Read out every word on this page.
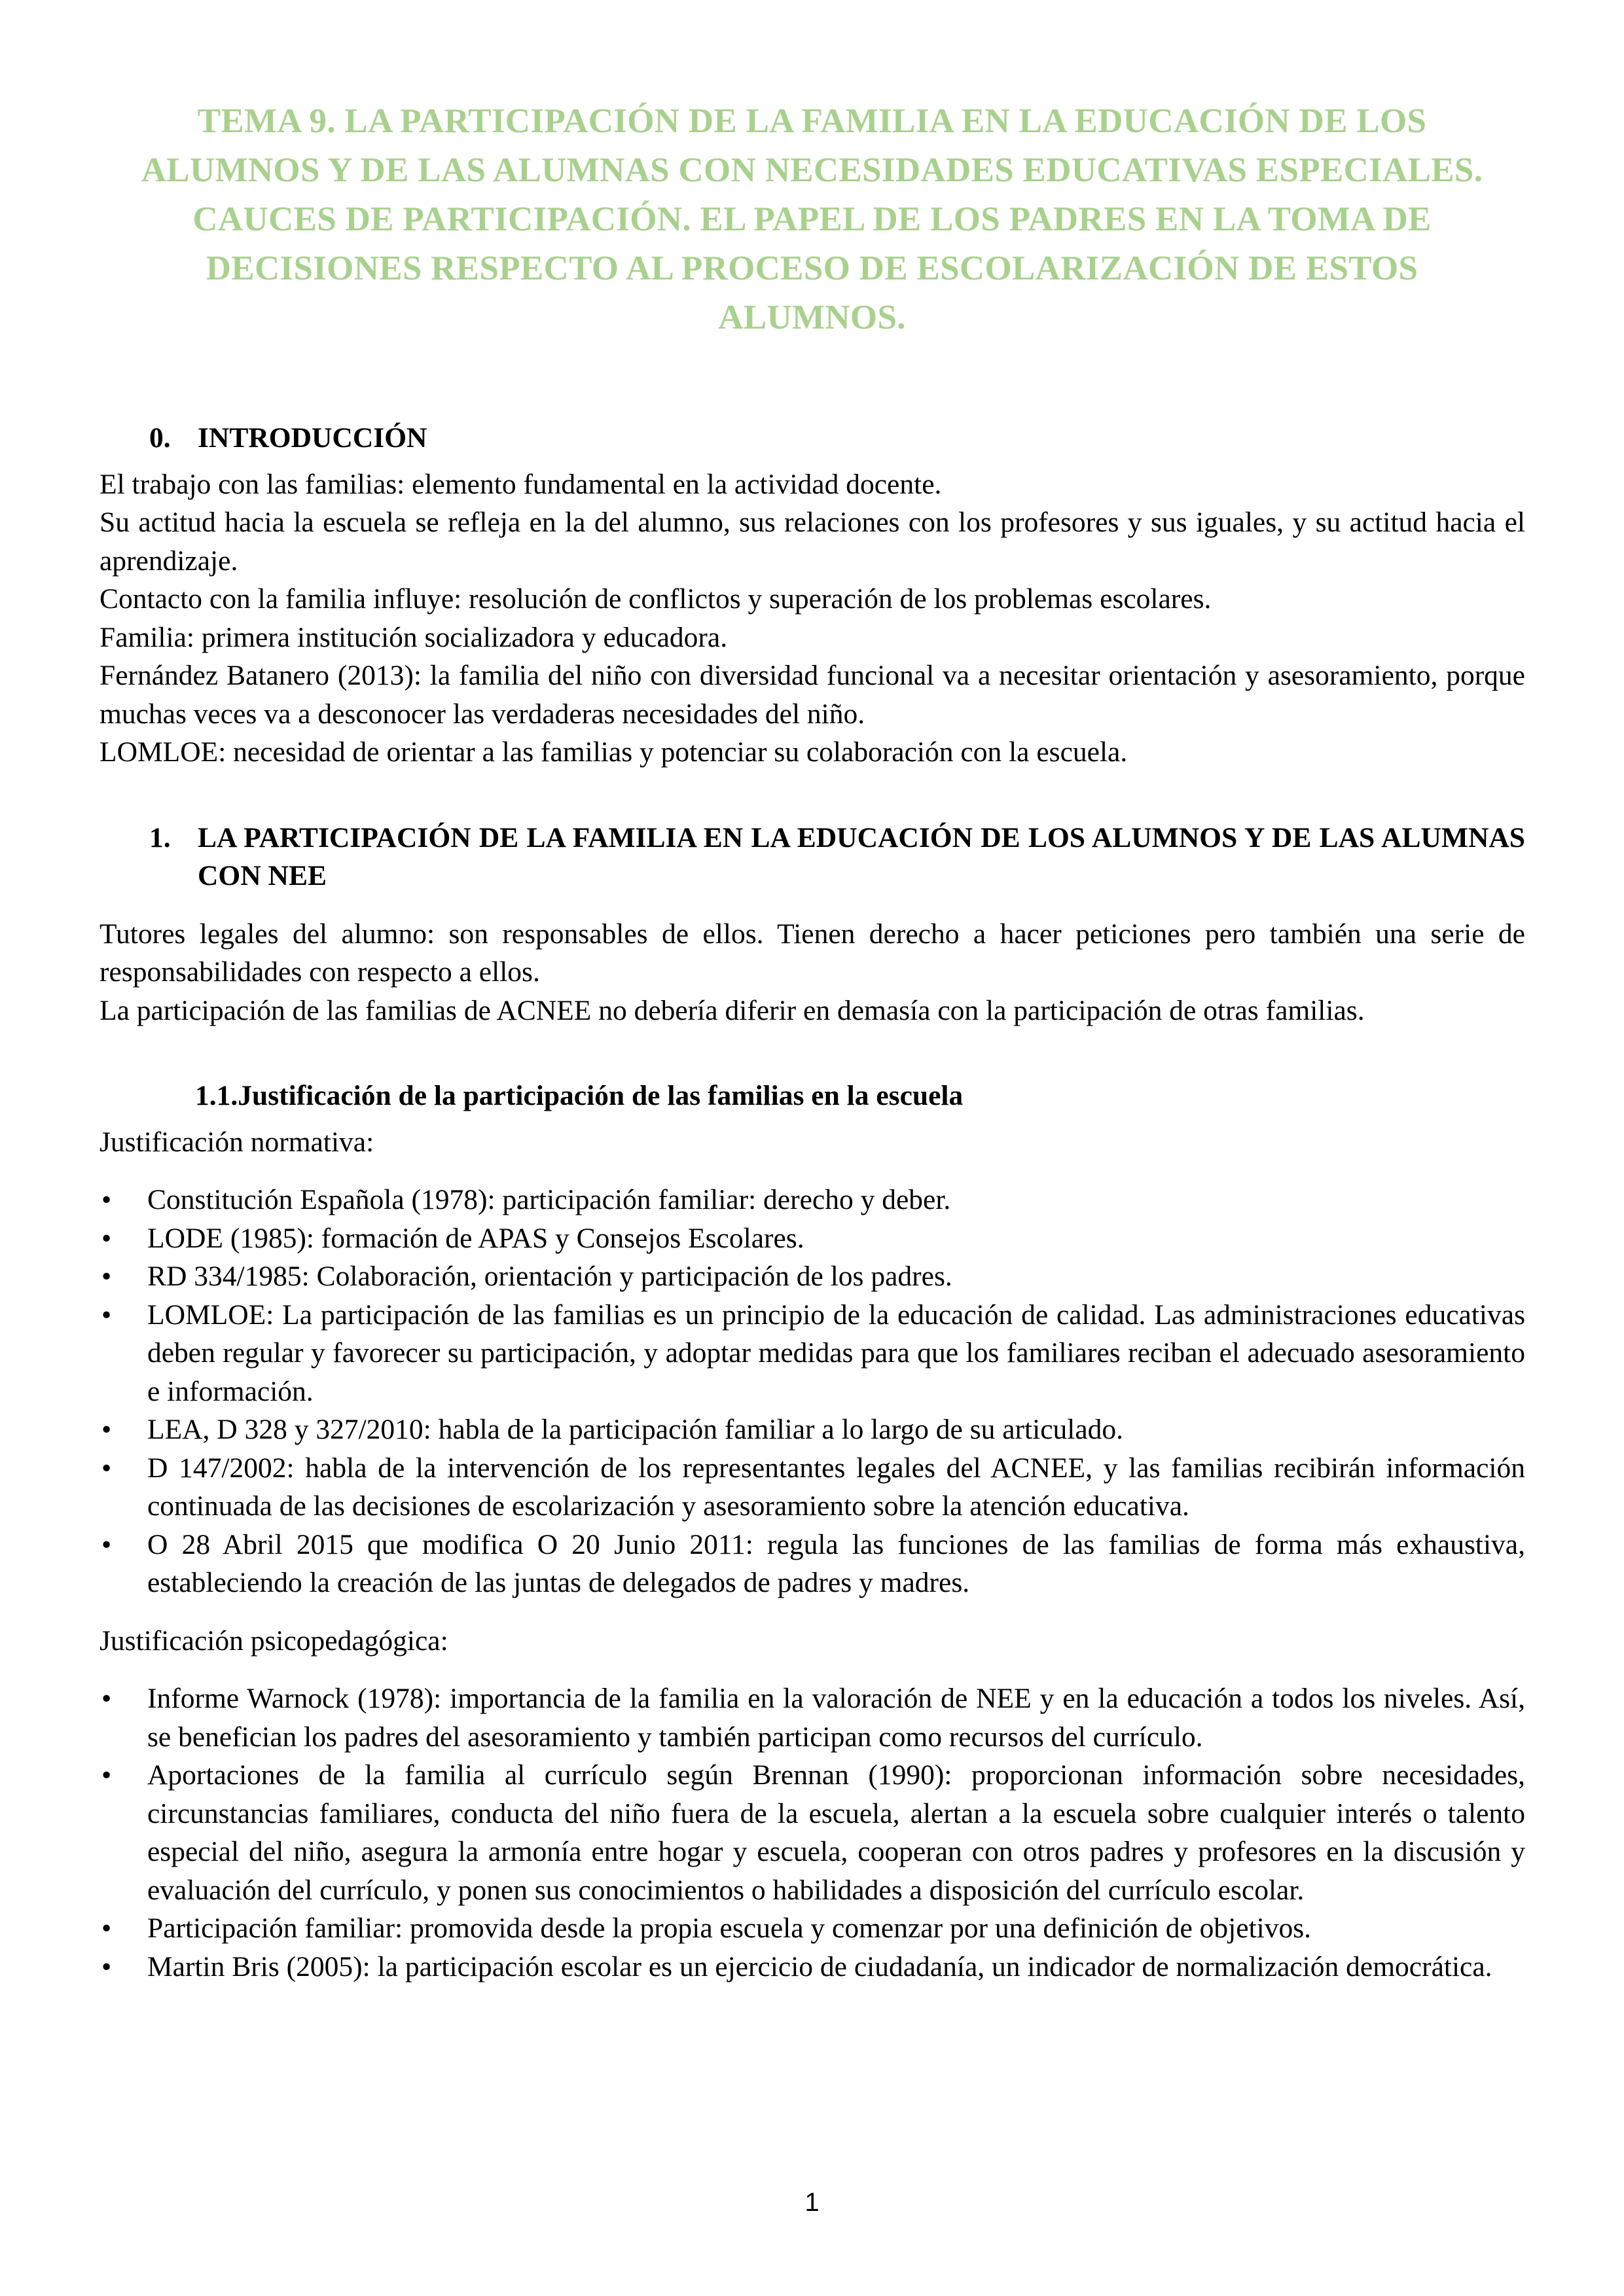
TEMA 9. LA PARTICIPACIÓN DE LA FAMILIA EN LA EDUCACIÓN DE LOS ALUMNOS Y DE LAS ALUMNAS CON NECESIDADES EDUCATIVAS ESPECIALES. CAUCES DE PARTICIPACIÓN. EL PAPEL DE LOS PADRES EN LA TOMA DE DECISIONES RESPECTO AL PROCESO DE ESCOLARIZACIÓN DE ESTOS ALUMNOS.
0. INTRODUCCIÓN

El trabajo con las familias: elemento fundamental en la actividad docente.

Su actitud hacia la escuela se refleja en la del alumno, sus relaciones con los profesores y sus iguales, y su actitud hacia el aprendizaje.

Contacto con la familia influye: resolución de conflictos y superación de los problemas escolares.

Familia: primera institución socializadora y educadora.

Fernández Batanero (2013): la familia del niño con diversidad funcional va a necesitar orientación y asesoramiento, porque muchas veces va a desconocer las verdaderas necesidades del niño.

LOMLOE: necesidad de orientar a las familias y potenciar su colaboración con la escuela.

1. LA PARTICIPACIÓN DE LA FAMILIA EN LA EDUCACIÓN DE LOS ALUMNOS Y DE LAS ALUMNAS CON NEE

Tutores legales del alumno: son responsables de ellos. Tienen derecho a hacer peticiones pero también una serie de responsabilidades con respecto a ellos.

La participación de las familias de ACNEE no debería diferir en demasía con la participación de otras familias.

1.1.Justificación de la participación de las familias en la escuela

Justificación normativa:

•	Constitución Española (1978): participación familiar: derecho y deber.
•	LODE (1985): formación de APAS y Consejos Escolares.
•	RD 334/1985: Colaboración, orientación y participación de los padres.
•	LOMLOE: La participación de las familias es un principio de la educación de calidad. Las administraciones educativas deben regular y favorecer su participación, y adoptar medidas para que los familiares reciban el adecuado asesoramiento e información.
•	LEA, D 328 y 327/2010: habla de la participación familiar a lo largo de su articulado.
•	D 147/2002: habla de la intervención de los representantes legales del ACNEE, y las familias recibirán información continuada de las decisiones de escolarización y asesoramiento sobre la atención educativa.
•	O 28 Abril 2015 que modifica O 20 Junio 2011: regula las funciones de las familias de forma más exhaustiva, estableciendo la creación de las juntas de delegados de padres y madres.

Justificación psicopedagógica:

•	Informe Warnock (1978): importancia de la familia en la valoración de NEE y en la educación a todos los niveles. Así, se benefician los padres del asesoramiento y también participan como recursos del currículo.
•	Aportaciones de la familia al currículo según Brennan (1990): proporcionan información sobre necesidades, circunstancias familiares, conducta del niño fuera de la escuela, alertan a la escuela sobre cualquier interés o talento especial del niño, asegura la armonía entre hogar y escuela, cooperan con otros padres y profesores en la discusión y evaluación del currículo, y ponen sus conocimientos o habilidades a disposición del currículo escolar.
•	Participación familiar: promovida desde la propia escuela y comenzar por una definición de objetivos.
•	Martin Bris (2005): la participación escolar es un ejercicio de ciudadanía, un indicador de normalización democrática.
1
